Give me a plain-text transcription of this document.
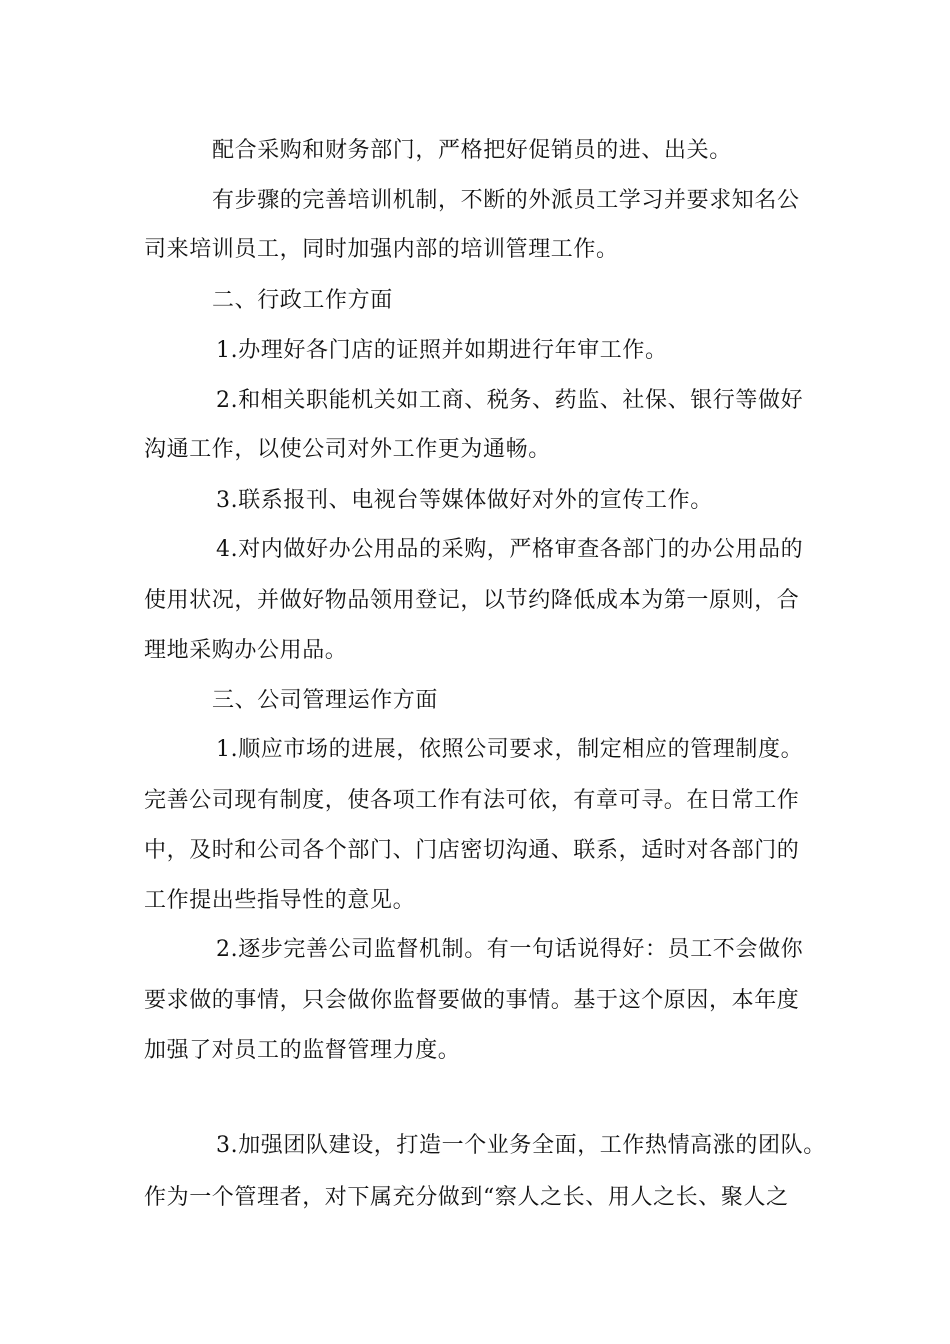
配合采购和财务部门，严格把好促销员的进、出关。
有步骤的完善培训机制，不断的外派员工学习并要求知名公
司来培训员工，同时加强内部的培训管理工作。
二、行政工作方面
1.办理好各门店的证照并如期进行年审工作。
2.和相关职能机关如工商、税务、药监、社保、银行等做好
沟通工作，以使公司对外工作更为通畅。
3.联系报刊、电视台等媒体做好对外的宣传工作。
4.对内做好办公用品的采购，严格审查各部门的办公用品的
使用状况，并做好物品领用登记，以节约降低成本为第一原则，合
理地采购办公用品。
三、公司管理运作方面
1.顺应市场的进展，依照公司要求，制定相应的管理制度。
完善公司现有制度，使各项工作有法可依，有章可寻。在日常工作
中，及时和公司各个部门、门店密切沟通、联系，适时对各部门的
工作提出些指导性的意见。
2.逐步完善公司监督机制。有一句话说得好：员工不会做你
要求做的事情，只会做你监督要做的事情。基于这个原因，本年度
加强了对员工的监督管理力度。
3.加强团队建设，打造一个业务全面，工作热情高涨的团队。
作为一个管理者，对下属充分做到“察人之长、用人之长、聚人之
